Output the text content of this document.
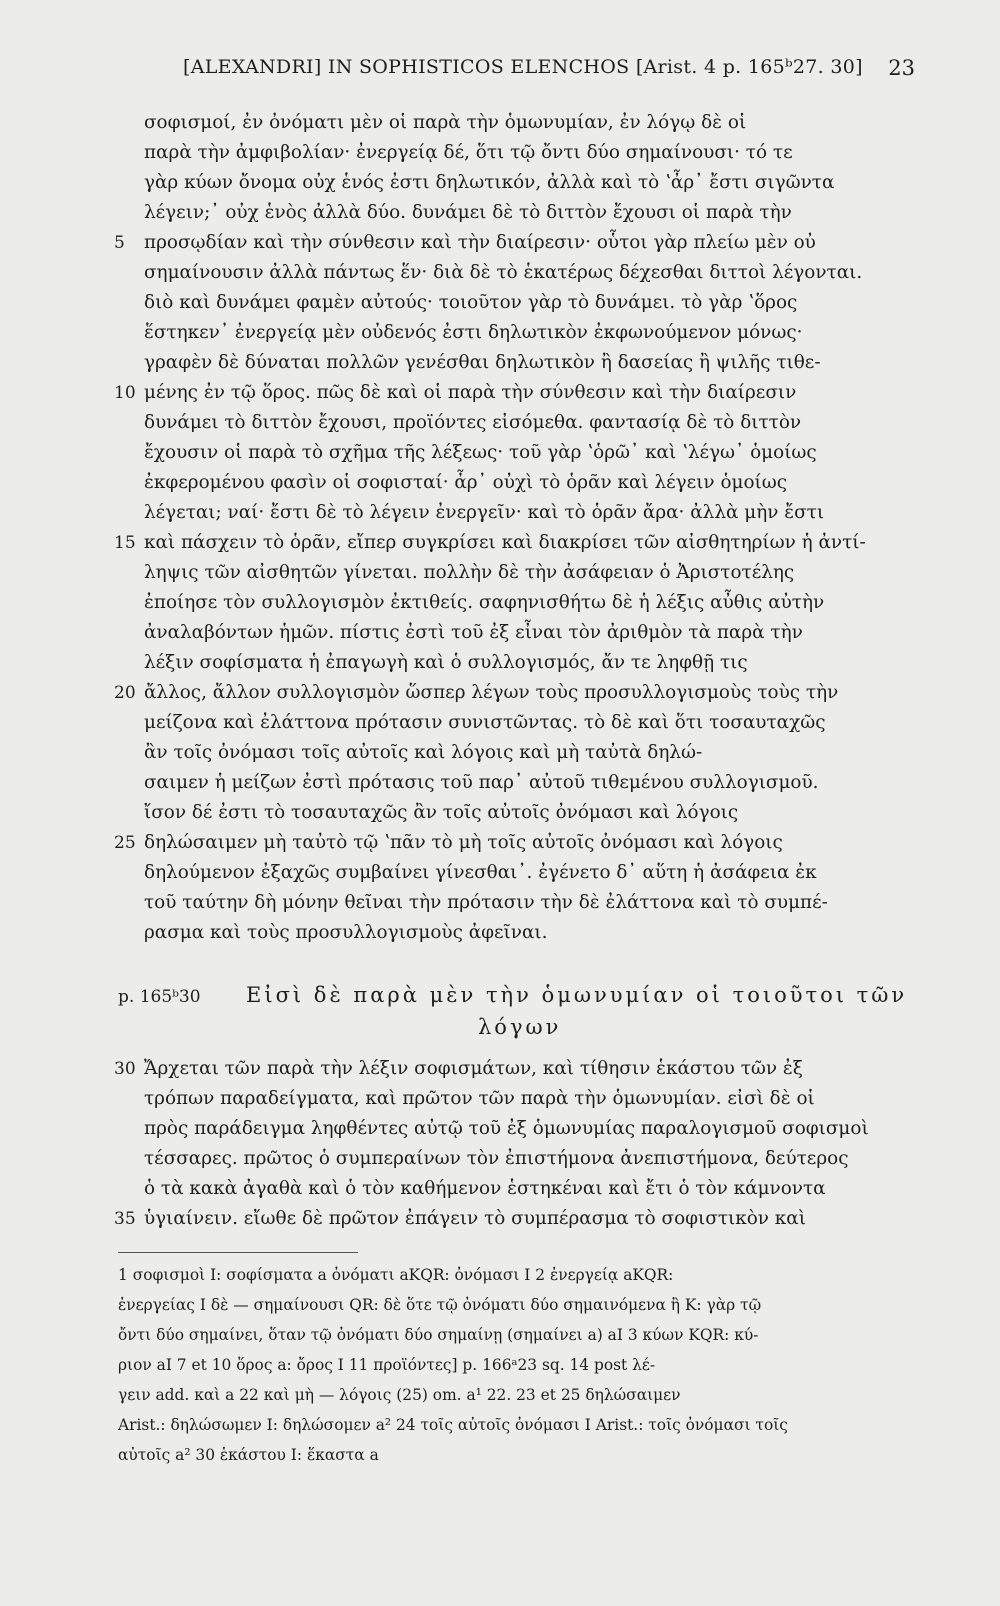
[ALEXANDRI] IN SOPHISTICOS ELENCHOS [Arist. 4 p. 165ᵇ27. 30] 23
σοφισμοί, ἐν ὀνόματι μὲν οἱ παρὰ τὴν ὁμωνυμίαν, ἐν λόγῳ δὲ οἱ
παρὰ τὴν ἀμφιβολίαν· ἐνεργείᾳ δέ, ὅτι τῷ ὄντι δύο σημαίνουσι· τό τε
γὰρ κύων ὄνομα οὐχ ἑνός ἐστι δηλωτικόν, ἀλλὰ καὶ τὸ ʽἆρ᾽ ἔστι σιγῶντα
λέγειν;᾽ οὐχ ἑνὸς ἀλλὰ δύο. δυνάμει δὲ τὸ διττὸν ἔχουσι οἱ παρὰ τὴν
5	προσῳδίαν καὶ τὴν σύνθεσιν καὶ τὴν διαίρεσιν· οὗτοι γὰρ πλείω μὲν οὐ
σημαίνουσιν ἀλλὰ πάντως ἕν· διὰ δὲ τὸ ἑκατέρως δέχεσθαι διττοὶ λέγονται.
διὸ καὶ δυνάμει φαμὲν αὐτούς· τοιοῦτον γὰρ τὸ δυνάμει. τὸ γὰρ ʽὅρος
ἕστηκεν᾽ ἐνεργείᾳ μὲν οὐδενός ἐστι δηλωτικὸν ἐκφωνούμενον μόνως·
γραφὲν δὲ δύναται πολλῶν γενέσθαι δηλωτικὸν ἢ δασείας ἢ ψιλῆς τιθε-
10 μένης ἐν τῷ ὅρος. πῶς δὲ καὶ οἱ παρὰ τὴν σύνθεσιν καὶ τὴν διαίρεσιν
δυνάμει τὸ διττὸν ἔχουσι, προϊόντες εἰσόμεθα. φαντασίᾳ δὲ τὸ διττὸν
ἔχουσιν οἱ παρὰ τὸ σχῆμα τῆς λέξεως· τοῦ γὰρ ʽὁρῶ᾽ καὶ ʽλέγω᾽ ὁμοίως
ἐκφερομένου φασὶν οἱ σοφισταί· ἆρ᾽ οὐχὶ τὸ ὁρᾶν καὶ λέγειν ὁμοίως
λέγεται; ναί· ἔστι δὲ τὸ λέγειν ἐνεργεῖν· καὶ τὸ ὁρᾶν ἄρα· ἀλλὰ μὴν ἔστι
15 καὶ πάσχειν τὸ ὁρᾶν, εἴπερ συγκρίσει καὶ διακρίσει τῶν αἰσθητηρίων ἡ ἀντί-
ληψις τῶν αἰσθητῶν γίνεται. πολλὴν δὲ τὴν ἀσάφειαν ὁ Ἀριστοτέλης
ἐποίησε τὸν συλλογισμὸν ἐκτιθείς. σαφηνισθήτω δὲ ἡ λέξις αὖθις αὐτὴν
ἀναλαβόντων ἡμῶν. πίστις ἐστὶ τοῦ ἐξ εἶναι τὸν ἀριθμὸν τὰ παρὰ τὴν
λέξιν σοφίσματα ἡ ἐπαγωγὴ καὶ ὁ συλλογισμός, ἄν τε ληφθῇ τις
20 ἄλλος, ἄλλον συλλογισμὸν ὥσπερ λέγων τοὺς προσυλλογισμοὺς τοὺς τὴν
μείζονα καὶ ἐλάττονα πρότασιν συνιστῶντας. τὸ δὲ καὶ ὅτι τοσαυταχῶς
ἂν τοῖς ὀνόμασι τοῖς αὐτοῖς καὶ λόγοις καὶ μὴ ταὐτὰ δηλώ-
σαιμεν ἡ μείζων ἐστὶ πρότασις τοῦ παρ᾽ αὐτοῦ τιθεμένου συλλογισμοῦ.
ἴσον δέ ἐστι τὸ τοσαυταχῶς ἂν τοῖς αὐτοῖς ὀνόμασι καὶ λόγοις
25 δηλώσαιμεν μὴ ταὐτὸ τῷ ʽπᾶν τὸ μὴ τοῖς αὐτοῖς ὀνόμασι καὶ λόγοις
δηλούμενον ἐξαχῶς συμβαίνει γίνεσθαι᾽. ἐγένετο δ᾽ αὕτη ἡ ἀσάφεια ἐκ
τοῦ ταύτην δὴ μόνην θεῖναι τὴν πρότασιν τὴν δὲ ἐλάττονα καὶ τὸ συμπέ-
ρασμα καὶ τοὺς προσυλλογισμοὺς ἀφεῖναι.
p. 165ᵇ30 Εἰσὶ δὲ παρὰ μὲν τὴν ὁμωνυμίαν οἱ τοιοῦτοι τῶν
λόγων
30 Ἄρχεται τῶν παρὰ τὴν λέξιν σοφισμάτων, καὶ τίθησιν ἑκάστου τῶν ἐξ
τρόπων παραδείγματα, καὶ πρῶτον τῶν παρὰ τὴν ὁμωνυμίαν. εἰσὶ δὲ οἱ
πρὸς παράδειγμα ληφθέντες αὐτῷ τοῦ ἐξ ὁμωνυμίας παραλογισμοῦ σοφισμοὶ
τέσσαρες. πρῶτος ὁ συμπεραίνων τὸν ἐπιστήμονα ἀνεπιστήμονα, δεύτερος
ὁ τὰ κακὰ ἀγαθὰ καὶ ὁ τὸν καθήμενον ἑστηκέναι καὶ ἔτι ὁ τὸν κάμνοντα
35 ὑγιαίνειν. εἴωθε δὲ πρῶτον ἐπάγειν τὸ συμπέρασμα τὸ σοφιστικὸν καὶ
1 σοφισμοὶ I: σοφίσματα a ὀνόματι aKQR: ὀνόμασι I 2 ἐνεργείᾳ aKQR:
ἐνεργείας I δὲ — σημαίνουσι QR: δὲ ὅτε τῷ ὀνόματι δύο σημαινόμενα ἢ K: γὰρ τῷ
ὄντι δύο σημαίνει, ὅταν τῷ ὀνόματι δύο σημαίνῃ (σημαίνει a) aI 3 κύων KQR: κύ-
ριον aI 7 et 10 ὅρος a: ὄρος I 11 προϊόντες] p. 166ᵃ23 sq. 14 post λέ-
γειν add. καὶ a 22 καὶ μὴ — λόγοις (25) om. a¹ 22. 23 et 25 δηλώσαιμεν
Arist.: δηλώσωμεν I: δηλώσομεν a² 24 τοῖς αὐτοῖς ὀνόμασι I Arist.: τοῖς ὀνόμασι τοῖς
αὐτοῖς a² 30 ἑκάστου I: ἕκαστα a
